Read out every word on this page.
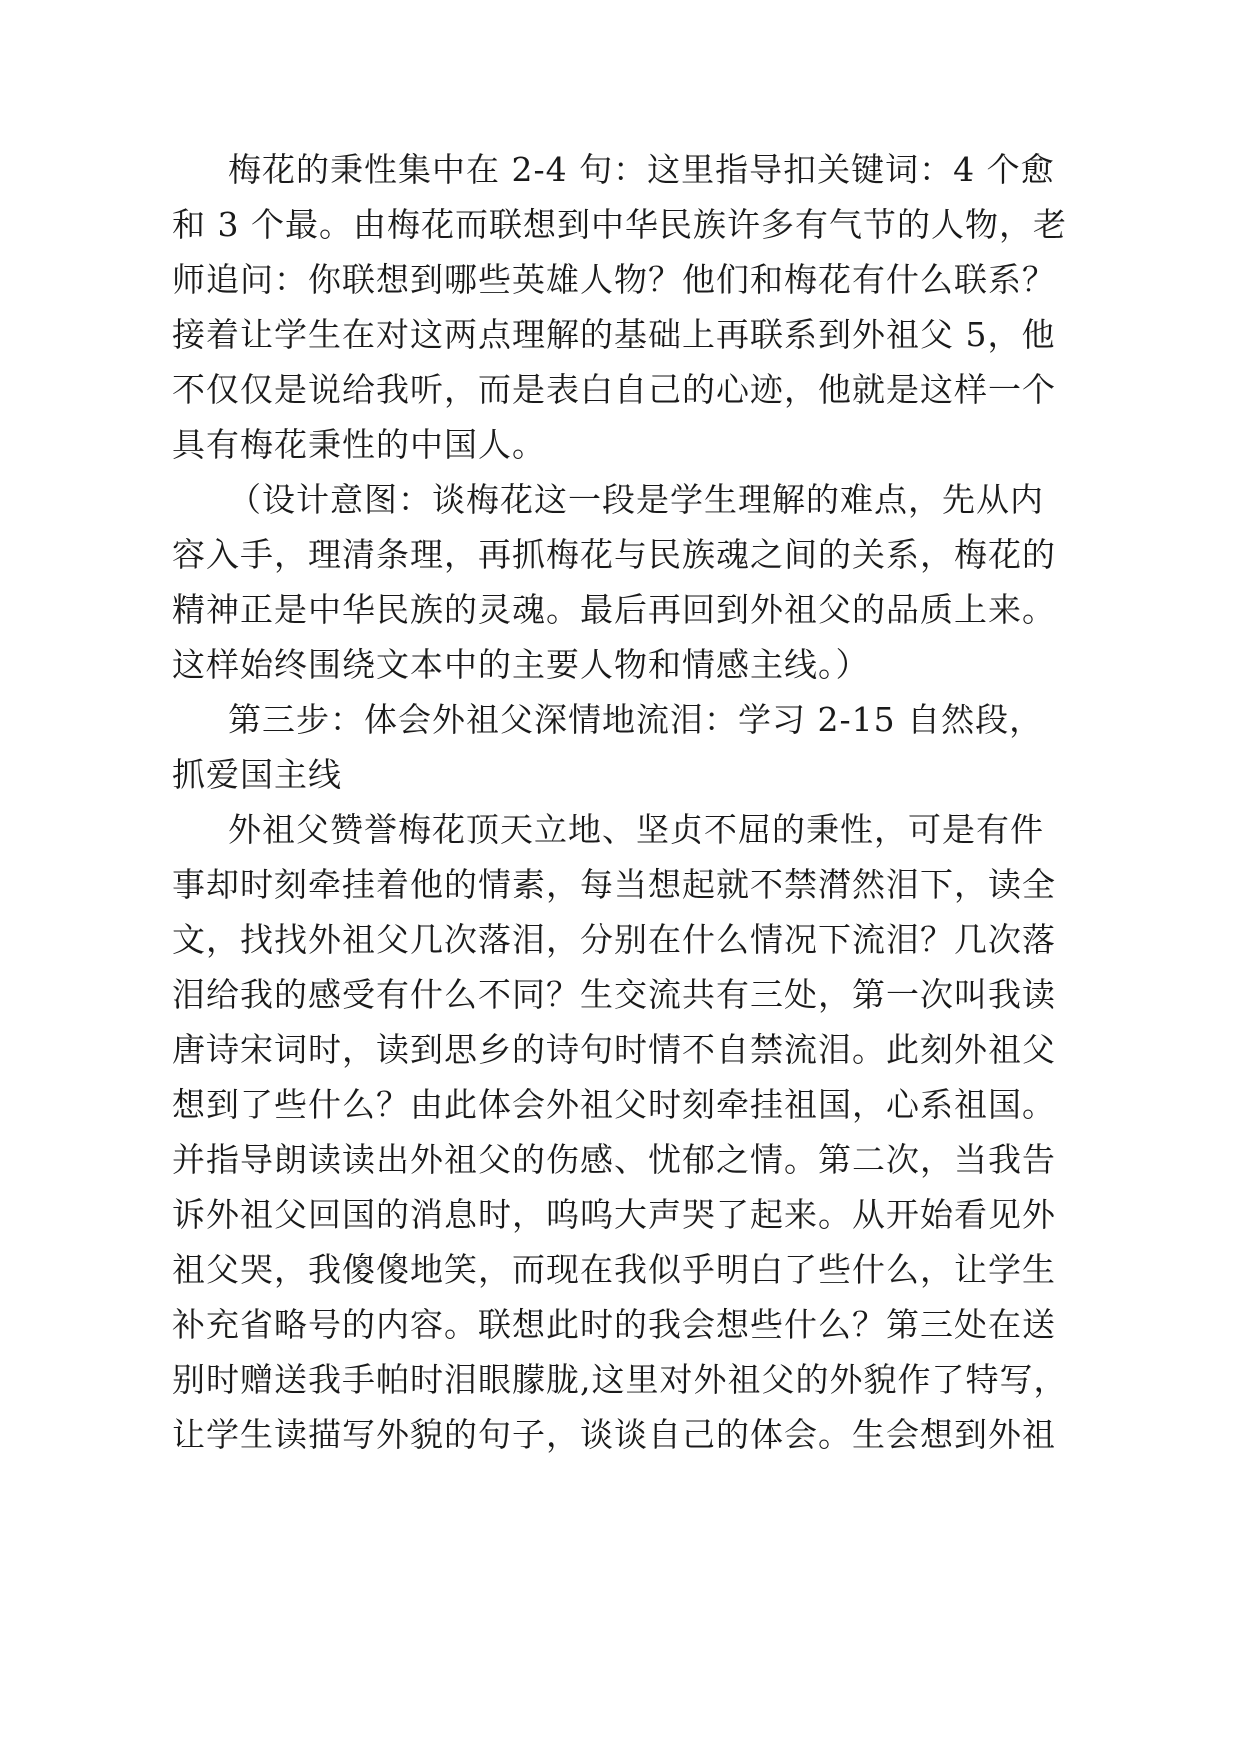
梅花的秉性集中在 2-4 句：这里指导扣关键词：4 个愈
和 3 个最。由梅花而联想到中华民族许多有气节的人物，老
师追问：你联想到哪些英雄人物？他们和梅花有什么联系？
接着让学生在对这两点理解的基础上再联系到外祖父 5，他
不仅仅是说给我听，而是表白自己的心迹，他就是这样一个
具有梅花秉性的中国人。
（设计意图：谈梅花这一段是学生理解的难点，先从内
容入手，理清条理，再抓梅花与民族魂之间的关系，梅花的
精神正是中华民族的灵魂。最后再回到外祖父的品质上来。
这样始终围绕文本中的主要人物和情感主线。）
第三步：体会外祖父深情地流泪：学习 2-15 自然段，
抓爱国主线
外祖父赞誉梅花顶天立地、坚贞不屈的秉性，可是有件
事却时刻牵挂着他的情素，每当想起就不禁潸然泪下，读全
文，找找外祖父几次落泪，分别在什么情况下流泪？几次落
泪给我的感受有什么不同？生交流共有三处，第一次叫我读
唐诗宋词时，读到思乡的诗句时情不自禁流泪。此刻外祖父
想到了些什么？由此体会外祖父时刻牵挂祖国，心系祖国。
并指导朗读读出外祖父的伤感、忧郁之情。第二次，当我告
诉外祖父回国的消息时，呜呜大声哭了起来。从开始看见外
祖父哭，我傻傻地笑，而现在我似乎明白了些什么，让学生
补充省略号的内容。联想此时的我会想些什么？第三处在送
别时赠送我手帕时泪眼朦胧,这里对外祖父的外貌作了特写，
让学生读描写外貌的句子，谈谈自己的体会。生会想到外祖
